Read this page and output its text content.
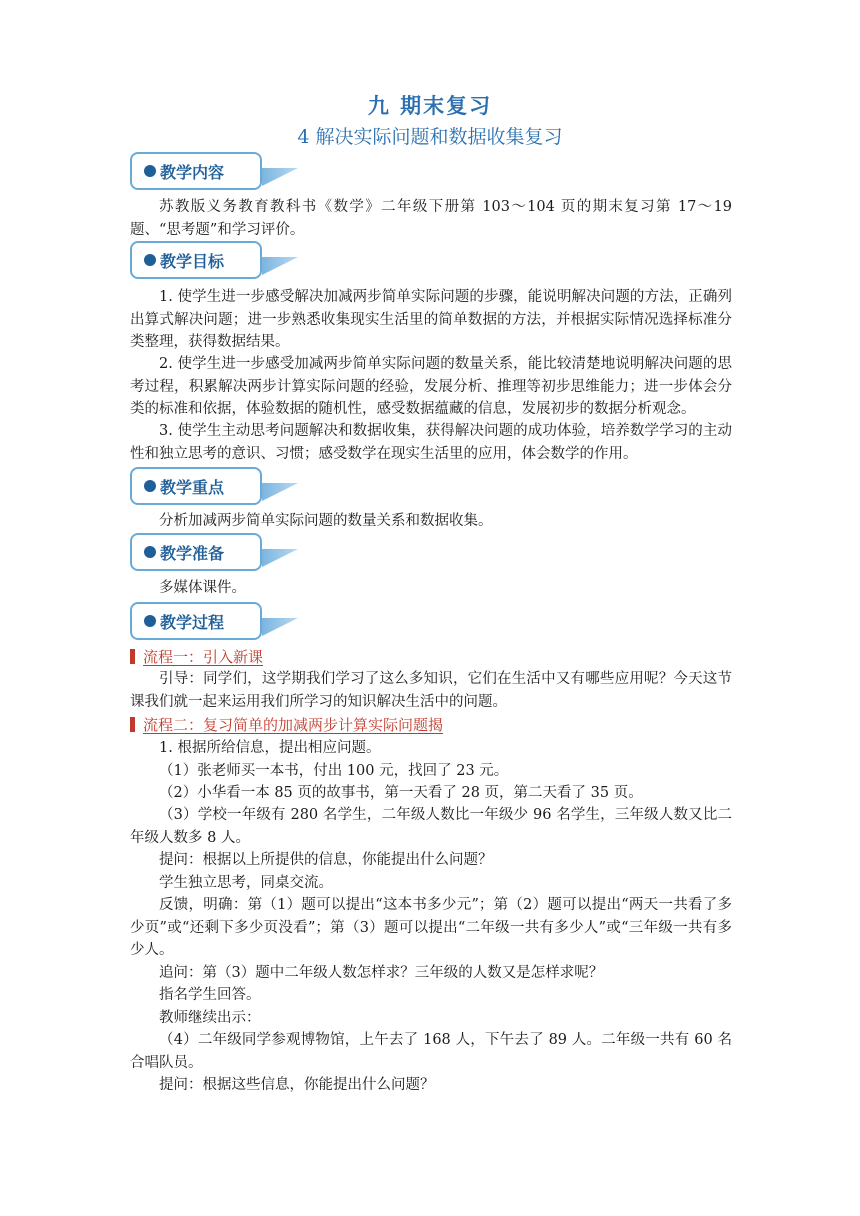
九 期末复习
4 解决实际问题和数据收集复习
教学内容
苏教版义务教育教科书《数学》二年级下册第 103～104 页的期末复习第 17～19 题、“思考题”和学习评价。
教学目标
1. 使学生进一步感受解决加减两步简单实际问题的步骤，能说明解决问题的方法，正确列出算式解决问题；进一步熟悉收集现实生活里的简单数据的方法，并根据实际情况选择标准分类整理，获得数据结果。
2. 使学生进一步感受加减两步简单实际问题的数量关系，能比较清楚地说明解决问题的思考过程，积累解决两步计算实际问题的经验，发展分析、推理等初步思维能力；进一步体会分类的标准和依据，体验数据的随机性，感受数据蕴藏的信息，发展初步的数据分析观念。
3. 使学生主动思考问题解决和数据收集，获得解决问题的成功体验，培养数学学习的主动性和独立思考的意识、习惯；感受数学在现实生活里的应用，体会数学的作用。
教学重点
分析加减两步简单实际问题的数量关系和数据收集。
教学准备
多媒体课件。
教学过程
流程一：引入新课
引导：同学们，这学期我们学习了这么多知识，它们在生活中又有哪些应用呢？今天这节课我们就一起来运用我们所学习的知识解决生活中的问题。
流程二：复习简单的加减两步计算实际问题揭
1. 根据所给信息，提出相应问题。
（1）张老师买一本书，付出 100 元，找回了 23 元。
（2）小华看一本 85 页的故事书，第一天看了 28 页，第二天看了 35 页。
（3）学校一年级有 280 名学生，二年级人数比一年级少 96 名学生，三年级人数又比二年级人数多 8 人。
提问：根据以上所提供的信息，你能提出什么问题？
学生独立思考，同桌交流。
反馈，明确：第（1）题可以提出“这本书多少元”；第（2）题可以提出“两天一共看了多少页”或“还剩下多少页没看”；第（3）题可以提出“二年级一共有多少人”或“三年级一共有多少人。
追问：第（3）题中二年级人数怎样求？三年级的人数又是怎样求呢？
指名学生回答。
教师继续出示：
（4）二年级同学参观博物馆，上午去了 168 人，下午去了 89 人。二年级一共有 60 名合唱队员。
提问：根据这些信息，你能提出什么问题？
